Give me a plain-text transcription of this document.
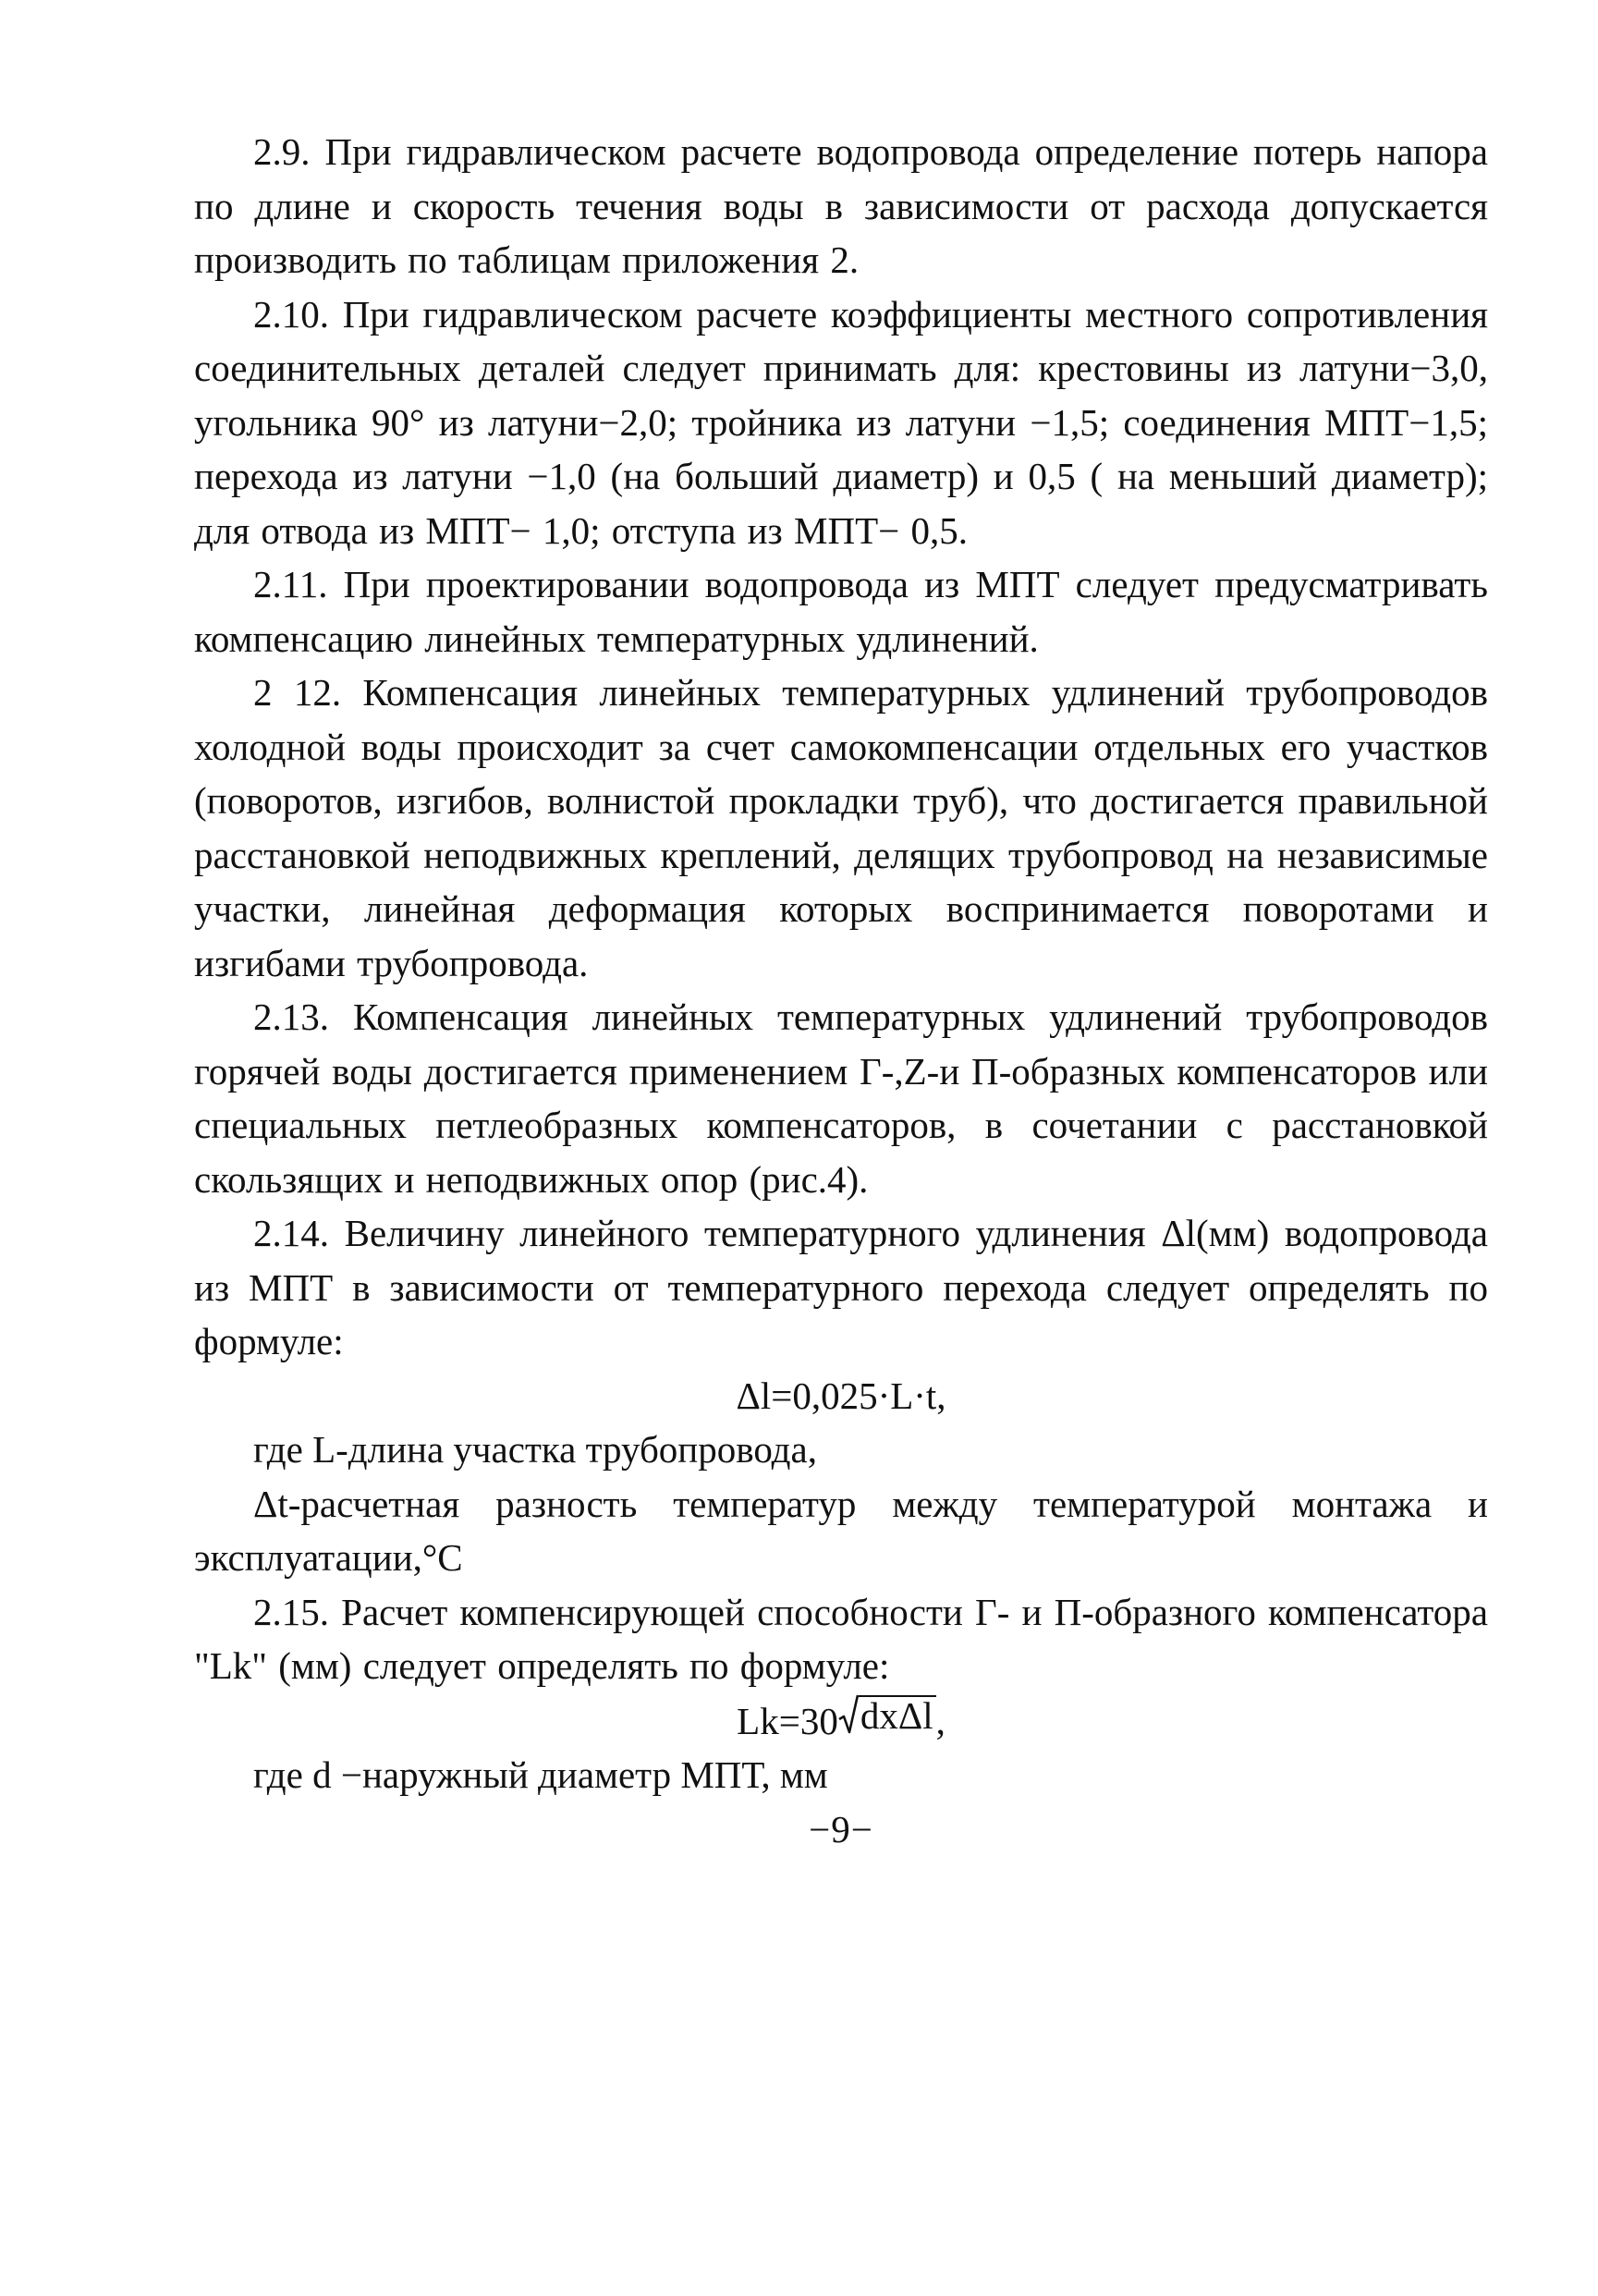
2.9. При гидравлическом расчете водопровода определение потерь напора по длине и скорость течения воды в зависимости от расхода допускается производить по таблицам приложения 2.

2.10. При гидравлическом расчете коэффициенты местного сопротивления соединительных деталей следует принимать для: крестовины из латуни−3,0, угольника 90° из латуни−2,0; тройника из латуни −1,5; соединения МПТ−1,5; перехода из латуни −1,0 (на больший диаметр) и 0,5 ( на меньший диаметр); для отвода из МПТ− 1,0; отступа из МПТ− 0,5.

2.11. При проектировании водопровода из МПТ следует предусматривать компенсацию линейных температурных удлинений.

2 12. Компенсация линейных температурных удлинений трубопроводов холодной воды происходит за счет самокомпенсации отдельных его участков (поворотов, изгибов, волнистой прокладки труб), что достигается правильной расстановкой неподвижных креплений, делящих трубопровод на независимые участки, линейная деформация которых воспринимается поворотами и изгибами трубопровода.

2.13. Компенсация линейных температурных удлинений трубопроводов горячей воды достигается применением Г-,Z-и П-образных компенсаторов или специальных петлеобразных компенсаторов, в сочетании с расстановкой скользящих и неподвижных опор (рис.4).

2.14. Величину линейного температурного удлинения Δl(мм) водопровода из МПТ в зависимости от температурного перехода следует определять по формуле:

Δl=0,025·L·t,

где L-длина участка трубопровода,

Δt-расчетная разность температур между температурой монтажа и эксплуатации,°С

2.15. Расчет компенсирующей способности Г- и П-образного компенсатора "Lk" (мм) следует определять по формуле:

Lk=30 dxΔl ,

где d −наружный диаметр МПТ, мм

−9−
